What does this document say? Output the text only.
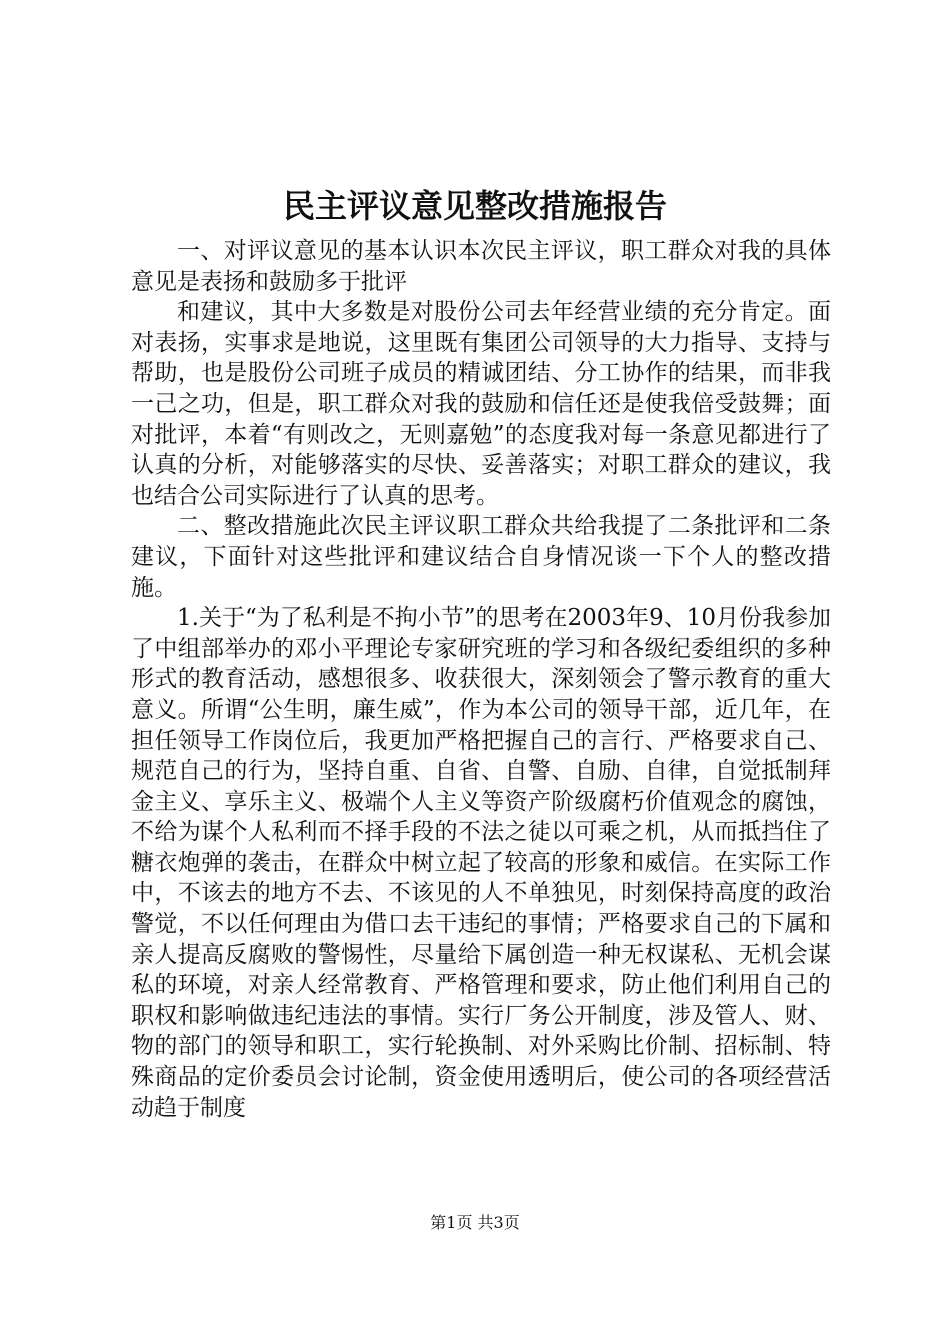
民主评议意见整改措施报告

一、对评议意见的基本认识本次民主评议，职工群众对我的具体意见是表扬和鼓励多于批评

和建议，其中大多数是对股份公司去年经营业绩的充分肯定。面对表扬，实事求是地说，这里既有集团公司领导的大力指导、支持与帮助，也是股份公司班子成员的精诚团结、分工协作的结果，而非我一己之功，但是，职工群众对我的鼓励和信任还是使我倍受鼓舞；面对批评，本着“有则改之，无则嘉勉”的态度我对每一条意见都进行了认真的分析，对能够落实的尽快、妥善落实；对职工群众的建议，我也结合公司实际进行了认真的思考。

二、整改措施此次民主评议职工群众共给我提了二条批评和二条建议，下面针对这些批评和建议结合自身情况谈一下个人的整改措施。

1.关于“为了私利是不拘小节”的思考在2003年9、10月份我参加了中组部举办的邓小平理论专家研究班的学习和各级纪委组织的多种形式的教育活动，感想很多、收获很大，深刻领会了警示教育的重大意义。所谓“公生明，廉生威”，作为本公司的领导干部，近几年，在担任领导工作岗位后，我更加严格把握自己的言行、严格要求自己、规范自己的行为，坚持自重、自省、自警、自励、自律，自觉抵制拜金主义、享乐主义、极端个人主义等资产阶级腐朽价值观念的腐蚀，不给为谋个人私利而不择手段的不法之徒以可乘之机，从而抵挡住了糖衣炮弹的袭击，在群众中树立起了较高的形象和威信。在实际工作中，不该去的地方不去、不该见的人不单独见，时刻保持高度的政治警觉，不以任何理由为借口去干违纪的事情；严格要求自己的下属和亲人提高反腐败的警惕性，尽量给下属创造一种无权谋私、无机会谋私的环境，对亲人经常教育、严格管理和要求，防止他们利用自己的职权和影响做违纪违法的事情。实行厂务公开制度，涉及管人、财、物的部门的领导和职工，实行轮换制、对外采购比价制、招标制、特殊商品的定价委员会讨论制，资金使用透明后，使公司的各项经营活动趋于制度

第1页 共3页
